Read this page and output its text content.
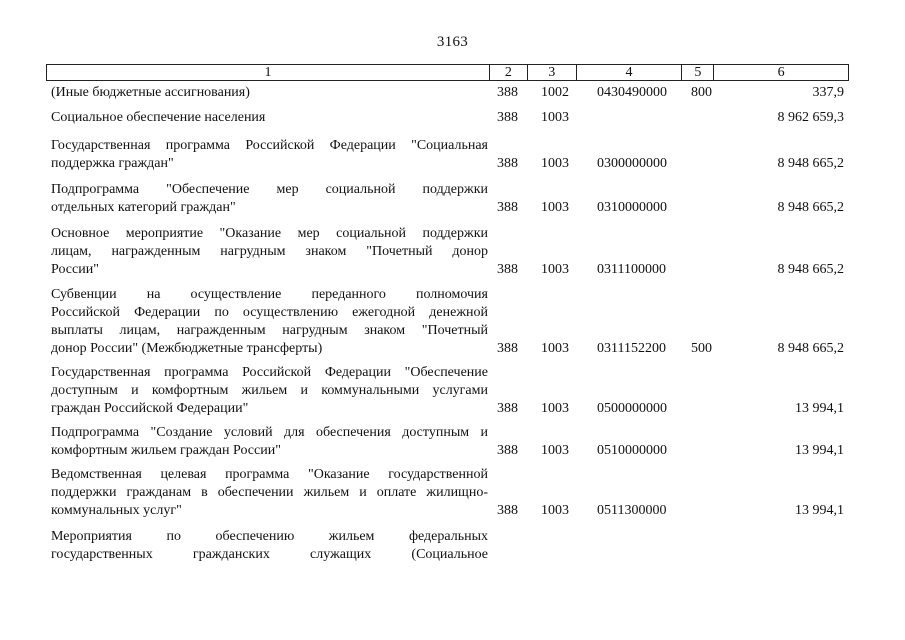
3163
1	2	3	4	5	6
(Иные бюджетные ассигнования)	388 1002 0430490000 800	337,9
Социальное обеспечение населения	388 1003	8 962 659,3
Государственная программа Российской Федерации "Социальная
поддержка граждан"	388 1003 0300000000	8 948 665,2
Подпрограмма "Обеспечение мер социальной поддержки
отдельных категорий граждан"	388 1003 0310000000	8 948 665,2
Основное мероприятие "Оказание мер социальной поддержки
лицам, награжденным нагрудным знаком "Почетный донор
России"	388 1003 0311100000	8 948 665,2
Субвенции на осуществление переданного полномочия
Российской Федерации по осуществлению ежегодной денежной
выплаты лицам, награжденным нагрудным знаком "Почетный
донор России" (Межбюджетные трансферты)	388 1003 0311152200 500	8 948 665,2
Государственная программа Российской Федерации "Обеспечение
доступным и комфортным жильем и коммунальными услугами
граждан Российской Федерации"	388 1003 0500000000	13 994,1
Подпрограмма "Создание условий для обеспечения доступным и
комфортным жильем граждан России"	388 1003 0510000000	13 994,1
Ведомственная целевая программа "Оказание государственной
поддержки гражданам в обеспечении жильем и оплате жилищно-
коммунальных услуг"	388 1003 0511300000	13 994,1
Мероприятия по обеспечению жильем федеральных
государственных гражданских служащих (Социальное
